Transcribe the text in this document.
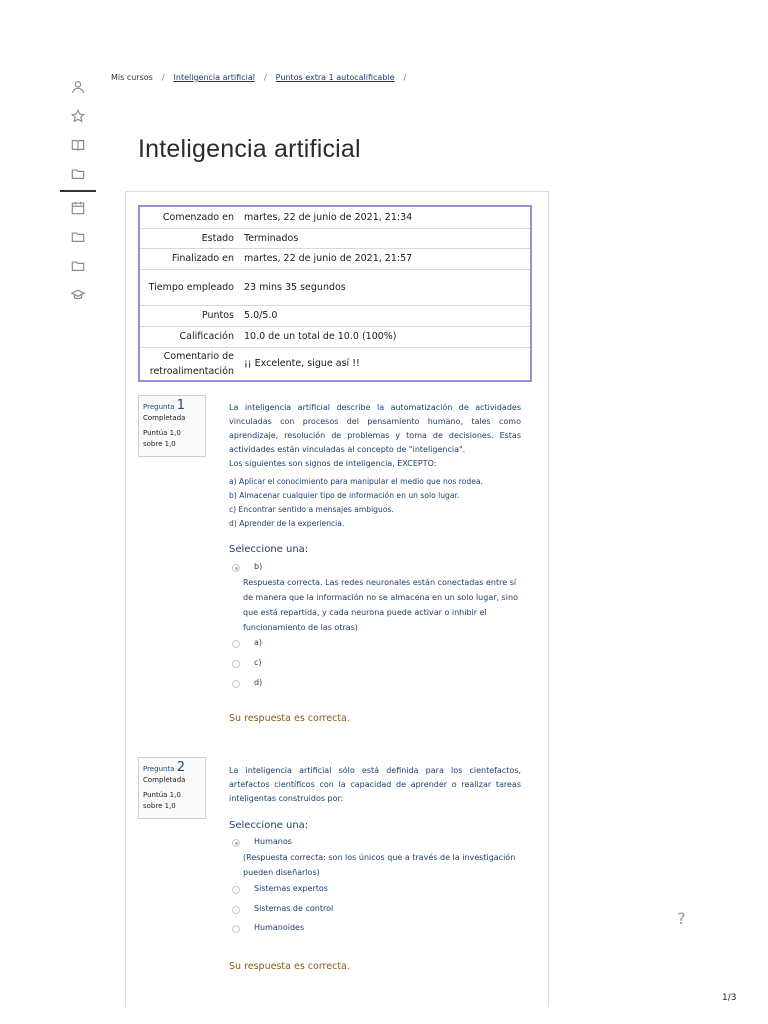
Mis cursos / Inteligencia artificial / Puntos extra 1 autocalificable /
Inteligencia artificial
Comenzado en	martes, 22 de junio de 2021, 21:34
Estado	Terminados
Finalizado en	martes, 22 de junio de 2021, 21:57
Tiempo empleado	23 mins 35 segundos
Puntos	5.0/5.0
Calificación	10.0 de un total de 10.0 (100%)
Comentario de retroalimentación	¡¡ Excelente, sigue así !!
Pregunta 1
Completada
Puntúa 1,0
sobre 1,0
La inteligencia artificial describe la automatización de actividades vinculadas con procesos del pensamiento humano, tales como aprendizaje, resolución de problemas y toma de decisiones. Estas actividades están vinculadas al concepto de "inteligencia".
Los siguientes son signos de inteligencia, EXCEPTO:
a) Aplicar el conocimiento para manipular el medio que nos rodea.
b) Almacenar cualquier tipo de información en un solo lugar.
c) Encontrar sentido a mensajes ambiguos.
d) Aprender de la experiencia.
Seleccione una:
b)
Respuesta correcta. Las redes neuronales están conectadas entre sí de manera que la información no se almacena en un solo lugar, sino que está repartida, y cada neurona puede activar o inhibir el funcionamiento de las otras)
a)
c)
d)
Su respuesta es correcta.
Pregunta 2
Completada
Puntúa 1,0
sobre 1,0
La inteligencia artificial sólo está definida para los cientefactos, artefactos científicos con la capacidad de aprender o realizar tareas inteligentas construidos por:
Seleccione una:
Humanos
(Respuesta correcta: son los únicos que a través de la investigación pueden diseñarlos)
Sistemas expertos
Sistemas de control
Humanoides
Su respuesta es correcta.
?
1/3
